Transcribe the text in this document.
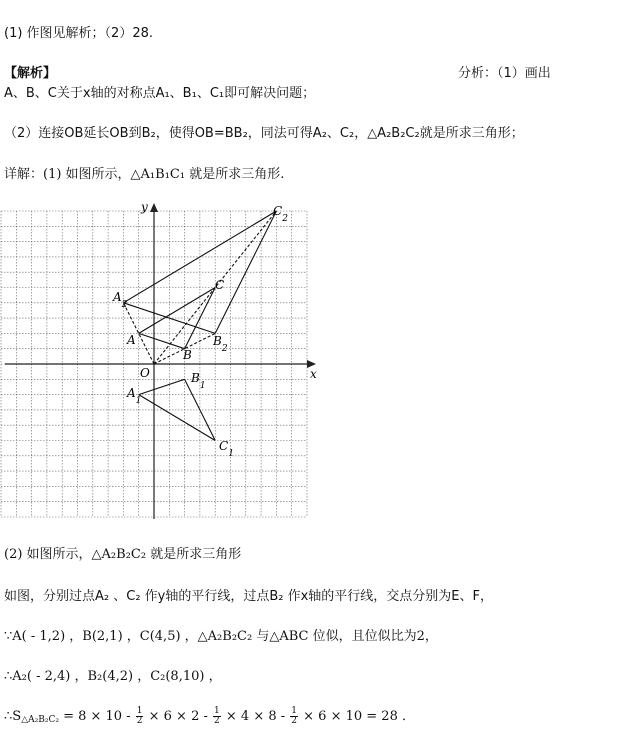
(1) 作图见解析；（2）28.
【解析】	分析：（1）画出
A、B、C关于x轴的对称点A₁、B₁、C₁即可解决问题；
（2）连接OB延长OB到B₂，使得OB=BB₂，同法可得A₂、C₂，△A₂B₂C₂就是所求三角形；
详解：(1) 如图所示，△A₁B₁C₁ 就是所求三角形.
y
x
O
A
B
C
$A_1$
$B_1$
$C_1$
$A_2$
$B_2$
$C_2$
(2) 如图所示，△A₂B₂C₂ 就是所求三角形
如图，分别过点A₂ 、C₂ 作y轴的平行线，过点B₂ 作x轴的平行线，交点分别为E、F，
∵A( - 1,2) ，B(2,1) ，C(4,5) ，△A₂B₂C₂ 与△ABC 位似，且位似比为2，
∴A₂( - 2,4) ，B₂(4,2) ，C₂(8,10) ，
$\therefore S_{\triangle A_2B_2C_2} = 8 \times 10 - \frac{1}{2} \times 6 \times 2 - \frac{1}{2} \times 4 \times 8 - \frac{1}{2} \times 6 \times 10 = 28$ ．
